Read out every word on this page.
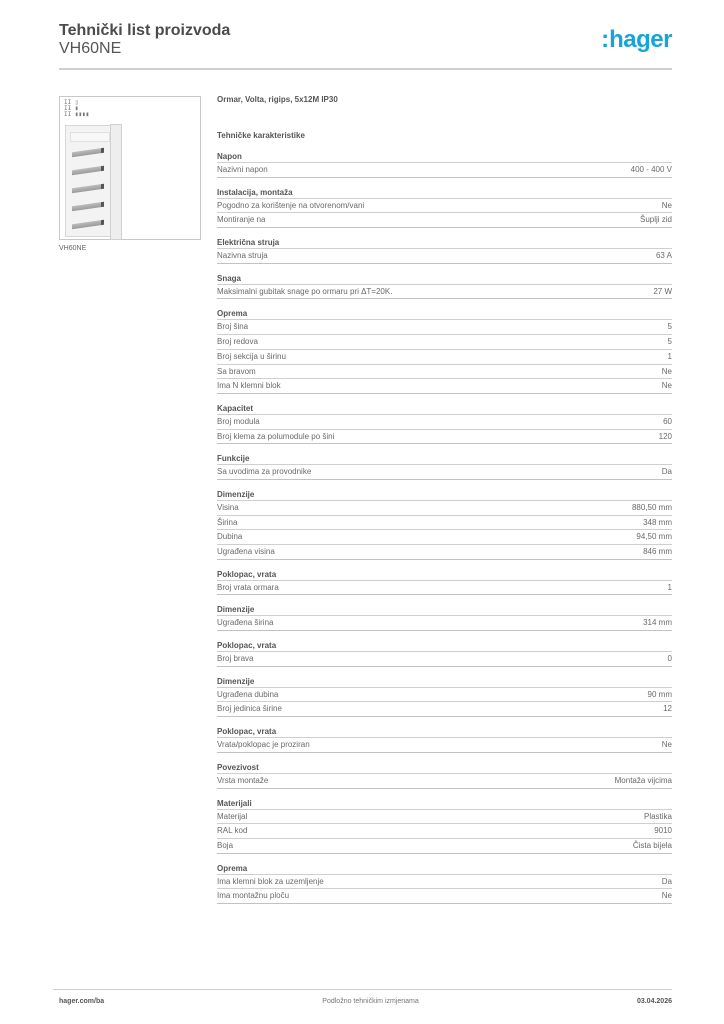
Tehnički list proizvoda
VH60NE	:hager
ΙΙ ▯
ΙΙ ▮
ΙΙ ▮▮▮▮
VH60NE
Ormar, Volta, rigips, 5x12M IP30
Tehničke karakteristike
Napon
Nazivni napon	400 - 400 V
Instalacija, montaža
Pogodno za korištenje na otvorenom/vani	Ne
Montiranje na	Šuplji zid
Električna struja
Nazivna struja	63 A
Snaga
Maksimalni gubitak snage po ormaru pri ΔT=20K.	27 W
Oprema
Broj šina	5
Broj redova	5
Broj sekcija u širinu	1
Sa bravom	Ne
Ima N klemni blok	Ne
Kapacitet
Broj modula	60
Broj klema za polumodule po šini	120
Funkcije
Sa uvodima za provodnike	Da
Dimenzije
Visina	880,50 mm
Širina	348 mm
Dubina	94,50 mm
Ugrađena visina	846 mm
Poklopac, vrata
Broj vrata ormara	1
Dimenzije
Ugrađena širina	314 mm
Poklopac, vrata
Broj brava	0
Dimenzije
Ugrađena dubina	90 mm
Broj jedinica širine	12
Poklopac, vrata
Vrata/poklopac je proziran	Ne
Povezivost
Vrsta montaže	Montaža vijcima
Materijali
Materijal	Plastika
RAL kod	9010
Boja	Čista bijela
Oprema
Ima klemni blok za uzemljenje	Da
Ima montažnu ploču	Ne
hager.com/ba	Podložno tehničkim izmjenama	03.04.2026
